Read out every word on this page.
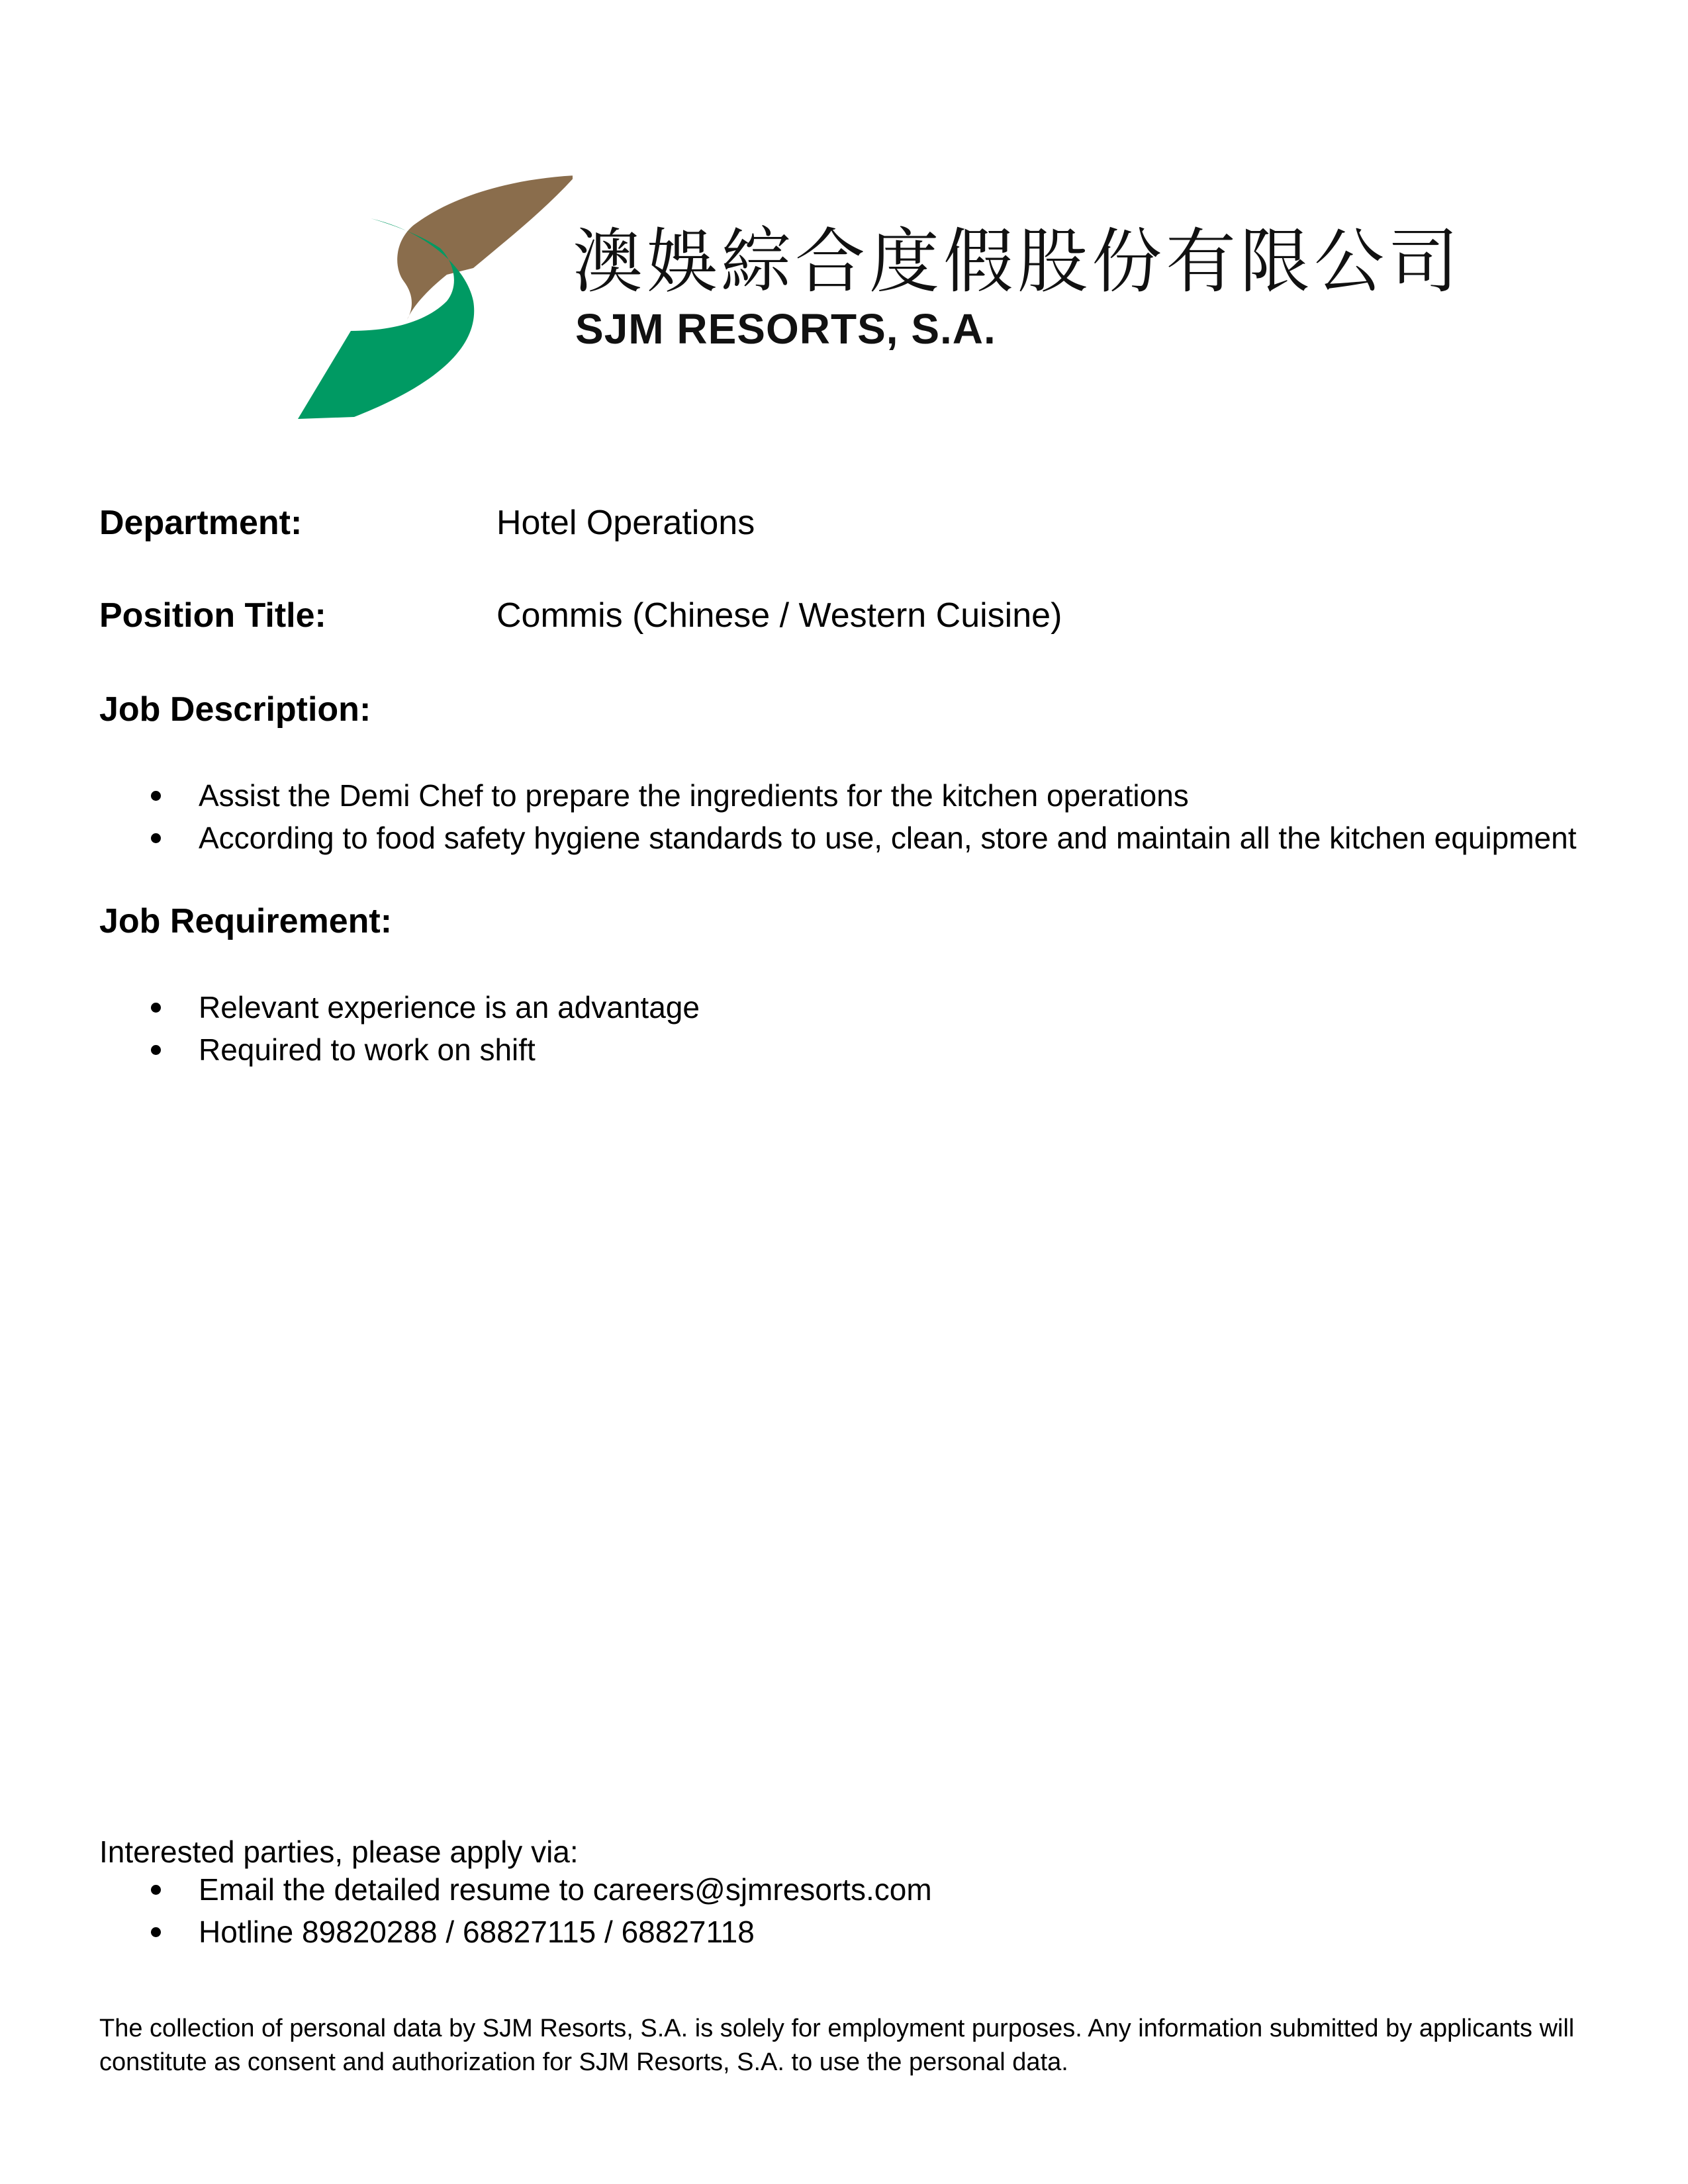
澳娛綜合度假股份有限公司
SJM RESORTS, S.A.
Department:	Hotel Operations
Position Title:	Commis (Chinese / Western Cuisine)
Job Description:
Assist the Demi Chef to prepare the ingredients for the kitchen operations
According to food safety hygiene standards to use, clean, store and maintain all the kitchen equipment
Job Requirement:
Relevant experience is an advantage
Required to work on shift
Interested parties, please apply via:
Email the detailed resume to careers@sjmresorts.com
Hotline 89820288 / 68827115 / 68827118
The collection of personal data by SJM Resorts, S.A. is solely for employment purposes. Any information submitted by applicants will constitute as consent and authorization for SJM Resorts, S.A. to use the personal data.
